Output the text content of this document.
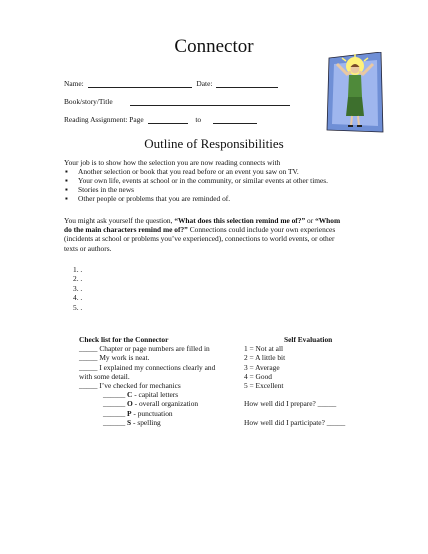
Connector
Name:	Date:
Book/story/Title
Reading Assignment: Page	to
Outline of Responsibilities
Your job is to show how the selection you are now reading connects with
▪ Another selection or book that you read before or an event you saw on TV.
▪ Your own life, events at school or in the community, or similar events at other times.
▪ Stories in the news
▪ Other people or problems that you are reminded of.
You might ask yourself the question, “What does this selection remind me of?” or “Whom
do the main characters remind me of?” Connections could include your own experiences
(incidents at school or problems you’ve experienced), connections to world events, or other
texts or authors.
1. .
2. .
3. .
4. .
5. .
Check list for the Connector
_____ Chapter or page numbers are filled in
_____ My work is neat.
_____ I explained my connections clearly and
with some detail.
_____ I’ve checked for mechanics
______ C - capital letters
______ O - overall organization
______ P - punctuation
______ S - spelling
Self Evaluation
1 = Not at all
2 = A little bit
3 = Average
4 = Good
5 = Excellent
How well did I prepare? _____
How well did I participate? _____
